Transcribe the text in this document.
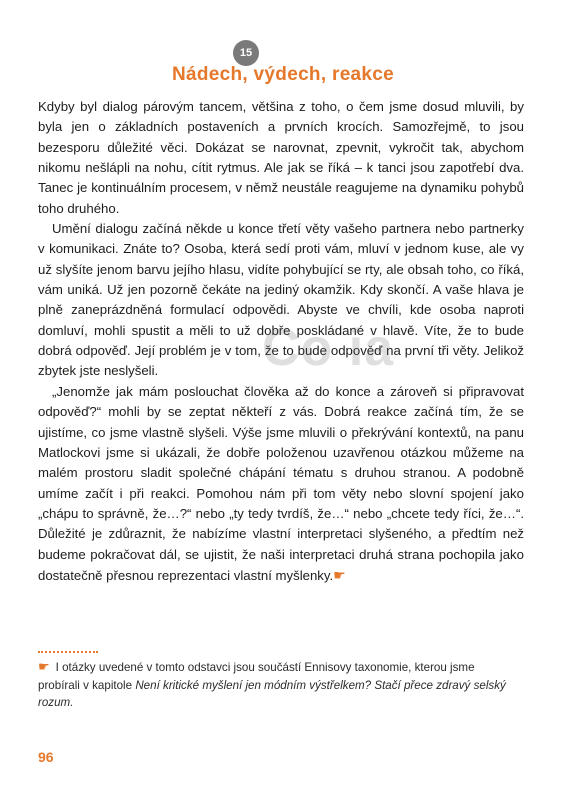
15
Nádech, výdech, reakce

Kdyby byl dialog párovým tancem, většina z toho, o čem jsme dosud mluvili, by byla jen o základních postaveních a prvních krocích. Samozřejmě, to jsou bezesporu důležité věci. Dokázat se narovnat, zpevnit, vykročit tak, abychom nikomu nešlápli na nohu, cítit rytmus. Ale jak se říká – k tanci jsou zapotřebí dva. Tanec je kontinuálním procesem, v němž neustále reagujeme na dynamiku pohybů toho druhého.

Umění dialogu začíná někde u konce třetí věty vašeho partnera nebo partnerky v komunikaci. Znáte to? Osoba, která sedí proti vám, mluví v jednom kuse, ale vy už slyšíte jenom barvu jejího hlasu, vidíte pohybující se rty, ale obsah toho, co říká, vám uniká. Už jen pozorně čekáte na jediný okamžik. Kdy skončí. A vaše hlava je plně zaneprázdněná formulací odpovědi. Abyste ve chvíli, kde osoba naproti domluví, mohli spustit a měli to už dobře poskládané v hlavě. Víte, že to bude dobrá odpověď. Její problém je v tom, že to bude odpověď na první tři věty. Jelikož zbytek jste neslyšeli.

„Jenomže jak mám poslouchat člověka až do konce a zároveň si připravovat odpověď?“ mohli by se zeptat někteří z vás. Dobrá reakce začíná tím, že se ujistíme, co jsme vlastně slyšeli. Výše jsme mluvili o překrývání kontextů, na panu Matlockovi jsme si ukázali, že dobře položenou uzavřenou otázkou můžeme na malém prostoru sladit společné chápání tématu s druhou stranou. A podobně umíme začít i při reakci. Pomohou nám při tom věty nebo slovní spojení jako „chápu to správně, že…?“ nebo „ty tedy tvrdíš, že…“ nebo „chcete tedy říci, že…“. Důležité je zdůraznit, že nabízíme vlastní interpretaci slyšeného, a předtím než budeme pokračovat dál, se ujistit, že naši interpretaci druhá strana pochopila jako dostatečně přesnou reprezentaci vlastní myšlenky.☛

Co ia
☛ I otázky uvedené v tomto odstavci jsou součástí Ennisovy taxonomie, kterou jsme probírali v kapitole Není kritické myšlení jen módním výstřelkem? Stačí přece zdravý selský rozum.
96
